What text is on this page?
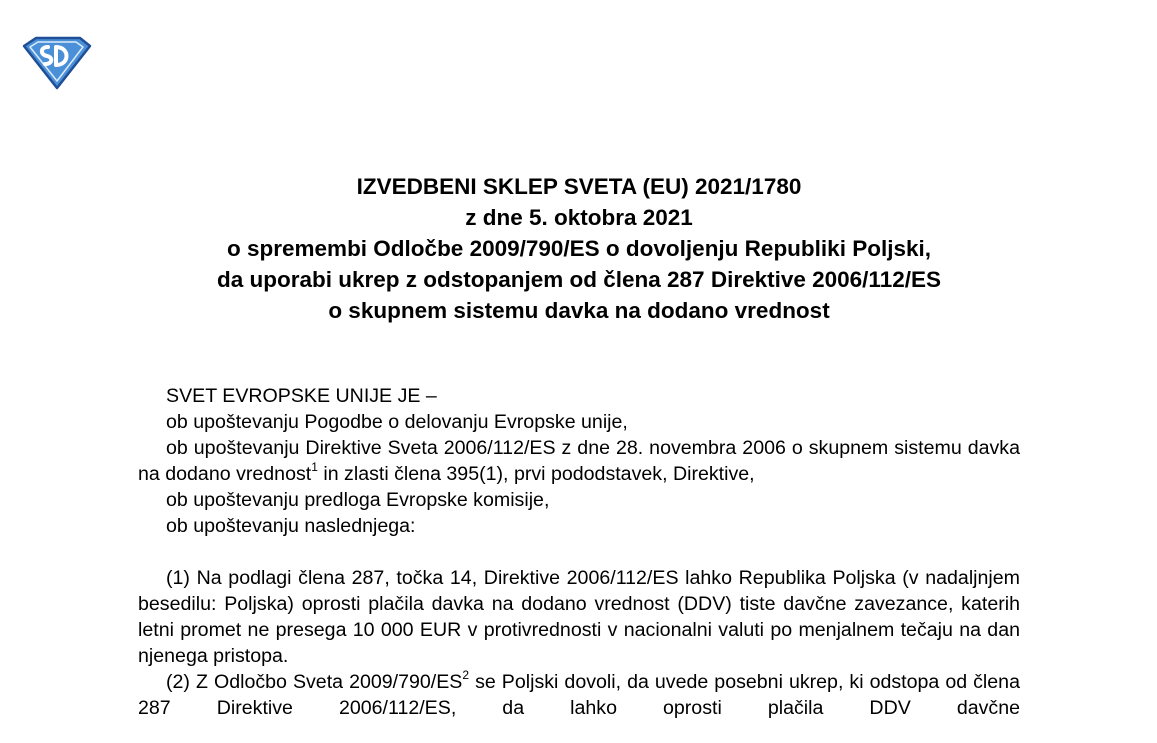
IZVEDBENI SKLEP SVETA (EU) 2021/1780
z dne 5. oktobra 2021
o spremembi Odločbe 2009/790/ES o dovoljenju Republiki Poljski,
da uporabi ukrep z odstopanjem od člena 287 Direktive 2006/112/ES
o skupnem sistemu davka na dodano vrednost

SVET EVROPSKE UNIJE JE –

ob upoštevanju Pogodbe o delovanju Evropske unije,

ob upoštevanju Direktive Sveta 2006/112/ES z dne 28. novembra 2006 o skupnem sistemu davka na dodano vrednost$^1$ in zlasti člena 395(1), prvi pododstavek, Direktive,

ob upoštevanju predloga Evropske komisije,

ob upoštevanju naslednjega:

(1) Na podlagi člena 287, točka 14, Direktive 2006/112/ES lahko Republika Poljska (v nadaljnjem besedilu: Poljska) oprosti plačila davka na dodano vrednost (DDV) tiste davčne zavezance, katerih letni promet ne presega 10 000 EUR v protivrednosti v nacionalni valuti po menjalnem tečaju na dan njenega pristopa.

(2) Z Odločbo Sveta $2009/790/ES^2$ se Poljski dovoli, da uvede posebni ukrep, ki odstopa od člena 287 Direktive 2006/112/ES, da lahko oprosti plačila DDV davčne
